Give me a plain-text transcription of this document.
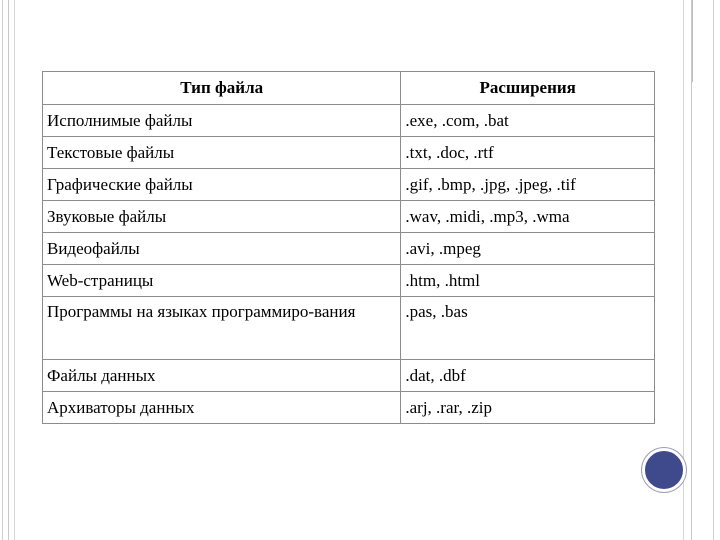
Тип файла	Расширения
Исполнимые файлы	.exe, .com, .bat
Текстовые файлы	.txt, .doc, .rtf
Графические файлы	.gif, .bmp, .jpg, .jpeg, .tif
Звуковые файлы	.wav, .midi, .mp3, .wma
Видеофайлы	.avi, .mpeg
Web-страницы	.htm, .html
Программы на языках программиро-вания	.pas, .bas
Файлы данных	.dat, .dbf
Архиваторы данных	.arj, .rar, .zip
